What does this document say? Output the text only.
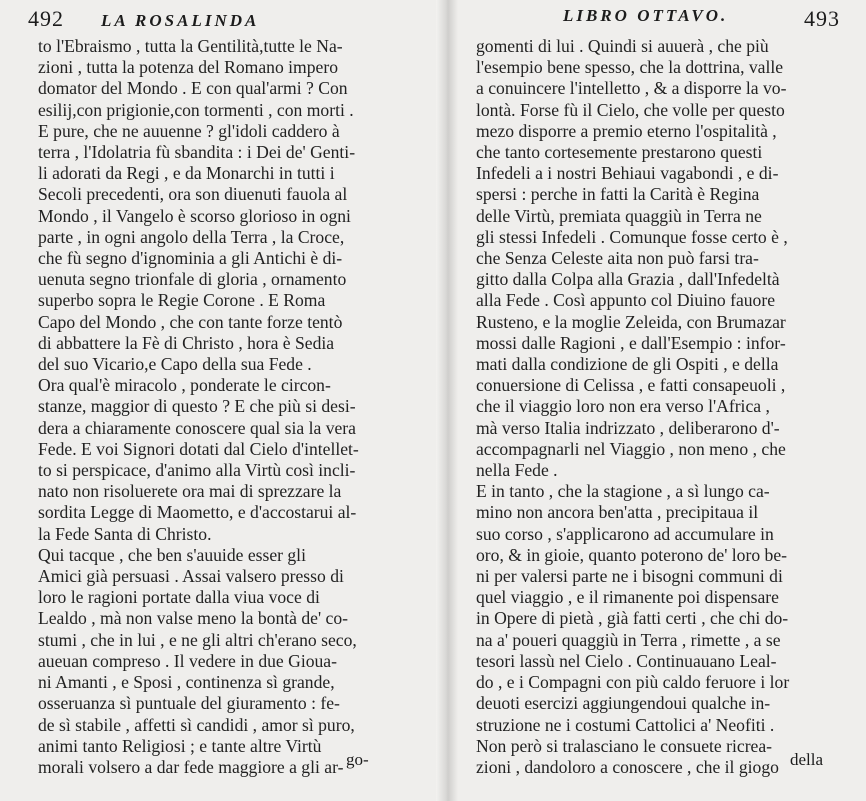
492 LA ROSALINDA
to l'Ebraismo , tutta la Gentilità,tutte le Na-
zioni , tutta la potenza del Romano impero
domator del Mondo . E con qual'armi ? Con
esilij,con prigionie,con tormenti , con morti .
E pure, che ne auuenne ? gl'idoli caddero à
terra , l'Idolatria fù sbandita : i Dei de' Genti-
li adorati da Regi , e da Monarchi in tutti i
Secoli precedenti, ora son diuenuti fauola al
Mondo , il Vangelo è scorso glorioso in ogni
parte , in ogni angolo della Terra , la Croce,
che fù segno d'ignominia a gli Antichi è di-
uenuta segno trionfale di gloria , ornamento
superbo sopra le Regie Corone . E Roma
Capo del Mondo , che con tante forze tentò
di abbattere la Fè di Christo , hora è Sedia
del suo Vicario,e Capo della sua Fede .
Ora qual'è miracolo , ponderate le circon-
stanze, maggior di questo ? E che più si desi-
dera a chiaramente conoscere qual sia la vera
Fede. E voi Signori dotati dal Cielo d'intellet-
to si perspicace, d'animo alla Virtù così incli-
nato non risoluerete ora mai di sprezzare la
sordita Legge di Maometto, e d'accostarui al-
la Fede Santa di Christo.
Qui tacque , che ben s'auuide esser gli
Amici già persuasi . Assai valsero presso di
loro le ragioni portate dalla viua voce di
Lealdo , mà non valse meno la bontà de' co-
stumi , che in lui , e ne gli altri ch'erano seco,
aueuan compreso . Il vedere in due Gioua-
ni Amanti , e Sposi , continenza sì grande,
osseruanza sì puntuale del giuramento : fe-
de sì stabile , affetti sì candidi , amor sì puro,
animi tanto Religiosi ; e tante altre Virtù
morali volsero a dar fede maggiore a gli ar- go-
LIBRO OTTAVO.	493
gomenti di lui . Quindi si auuerà , che più
l'esempio bene spesso, che la dottrina, valle
a conuincere l'intelletto , & a disporre la vo-
lontà. Forse fù il Cielo, che volle per questo
mezo disporre a premio eterno l'ospitalità ,
che tanto cortesemente prestarono questi
Infedeli a i nostri Behiaui vagabondi , e di-
spersi : perche in fatti la Carità è Regina
delle Virtù, premiata quaggiù in Terra ne
gli stessi Infedeli . Comunque fosse certo è ,
che Senza Celeste aita non può farsi tra-
gitto dalla Colpa alla Grazia , dall'Infedeltà
alla Fede . Così appunto col Diuino fauore
Rusteno, e la moglie Zeleida, con Brumazar
mossi dalle Ragioni , e dall'Esempio : infor-
mati dalla condizione de gli Ospiti , e della
conuersione di Celissa , e fatti consapeuoli ,
che il viaggio loro non era verso l'Africa ,
mà verso Italia indrizzato , deliberarono d'-
accompagnarli nel Viaggio , non meno , che
nella Fede .
E in tanto , che la stagione , a sì lungo ca-
mino non ancora ben'atta , precipitaua il
suo corso , s'applicarono ad accumulare in
oro, & in gioie, quanto poterono de' loro be-
ni per valersi parte ne i bisogni communi di
quel viaggio , e il rimanente poi dispensare
in Opere di pietà , già fatti certi , che chi do-
na a' poueri quaggiù in Terra , rimette , a se
tesori lassù nel Cielo . Continuauano Leal-
do , e i Compagni con più caldo feruore i lor
deuoti esercizi aggiungendoui qualche in-
struzione ne i costumi Cattolici a' Neofiti .
Non però si tralasciano le consuete ricrea-
zioni , dandoloro a conoscere , che il giogo della
